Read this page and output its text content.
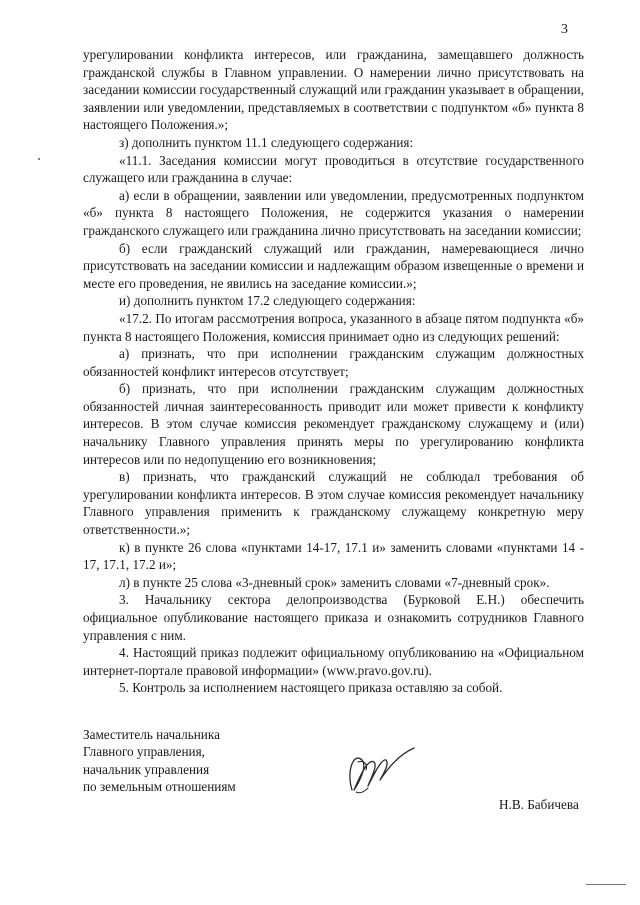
3

урегулировании конфликта интересов, или гражданина, замещавшего должность гражданской службы в Главном управлении. О намерении лично присутствовать на заседании комиссии государственный служащий или гражданин указывает в обращении, заявлении или уведомлении, представляемых в соответствии с подпунктом «б» пункта 8 настоящего Положения.»;

з) дополнить пунктом 11.1 следующего содержания:

«11.1. Заседания комиссии могут проводиться в отсутствие государственного служащего или гражданина в случае:

а) если в обращении, заявлении или уведомлении, предусмотренных подпунктом «б» пункта 8 настоящего Положения, не содержится указания о намерении гражданского служащего или гражданина лично присутствовать на заседании комиссии;

б) если гражданский служащий или гражданин, намеревающиеся лично присутствовать на заседании комиссии и надлежащим образом извещенные о времени и месте его проведения, не явились на заседание комиссии.»;

и) дополнить пунктом 17.2 следующего содержания:

«17.2. По итогам рассмотрения вопроса, указанного в абзаце пятом подпункта «б» пункта 8 настоящего Положения, комиссия принимает одно из следующих решений:

а) признать, что при исполнении гражданским служащим должностных обязанностей конфликт интересов отсутствует;

б) признать, что при исполнении гражданским служащим должностных обязанностей личная заинтересованность приводит или может привести к конфликту интересов. В этом случае комиссия рекомендует гражданскому служащему и (или) начальнику Главного управления принять меры по урегулированию конфликта интересов или по недопущению его возникновения;

в) признать, что гражданский служащий не соблюдал требования об урегулировании конфликта интересов. В этом случае комиссия рекомендует начальнику Главного управления применить к гражданскому служащему конкретную меру ответственности.»;

к) в пункте 26 слова «пунктами 14-17, 17.1 и» заменить словами «пунктами 14 - 17, 17.1, 17.2 и»;

л) в пункте 25 слова «3-дневный срок» заменить словами «7-дневный срок».

3. Начальнику сектора делопроизводства (Бурковой Е.Н.) обеспечить официальное опубликование настоящего приказа и ознакомить сотрудников Главного управления с ним.

4. Настоящий приказ подлежит официальному опубликованию на «Официальном интернет-портале правовой информации» (www.pravo.gov.ru).

5. Контроль за исполнением настоящего приказа оставляю за собой.

Заместитель начальника
Главного управления,
начальник управления
по земельным отношениям
Н.В. Бабичева
